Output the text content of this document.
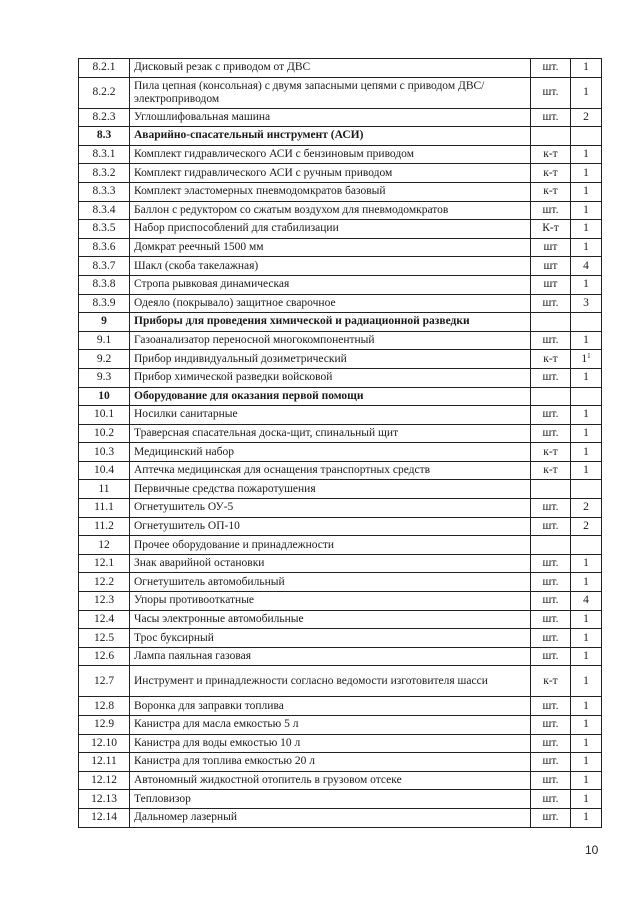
8.2.1	Дисковый резак с приводом от ДВС	шт.	1
8.2.2	Пила цепная (консольная) с двумя запасными цепями с приводом ДВС/электроприводом	шт.	1
8.2.3	Углошлифовальная машина	шт.	2
8.3	Аварийно-спасательный инструмент (АСИ)		
8.3.1	Комплект гидравлического АСИ с бензиновым приводом	к-т	1
8.3.2	Комплект гидравлического АСИ с ручным приводом	к-т	1
8.3.3	Комплект эластомерных пневмодомкратов базовый	к-т	1
8.3.4	Баллон с редуктором со сжатым воздухом для пневмодомкратов	шт.	1
8.3.5	Набор приспособлений для стабилизации	К-т	1
8.3.6	Домкрат реечный 1500 мм	шт	1
8.3.7	Шакл (скоба такелажная)	шт	4
8.3.8	Стропа рывковая динамическая	шт	1
8.3.9	Одеяло (покрывало) защитное сварочное	шт.	3
9	Приборы для проведения химической и радиационной разведки		
9.1	Газоанализатор переносной многокомпонентный	шт.	1
9.2	Прибор индивидуальный дозиметрический	к-т	$1^1$
9.3	Прибор химической разведки войсковой	шт.	1
10	Оборудование для оказания первой помощи		
10.1	Носилки санитарные	шт.	1
10.2	Траверсная спасательная доска-щит, спинальный щит	шт.	1
10.3	Медицинский набор	к-т	1
10.4	Аптечка медицинская для оснащения транспортных средств	к-т	1
11	Первичные средства пожаротушения		
11.1	Огнетушитель ОУ-5	шт.	2
11.2	Огнетушитель ОП-10	шт.	2
12	Прочее оборудование и принадлежности		
12.1	Знак аварийной остановки	шт.	1
12.2	Огнетушитель автомобильный	шт.	1
12.3	Упоры противооткатные	шт.	4
12.4	Часы электронные автомобильные	шт.	1
12.5	Трос буксирный	шт.	1
12.6	Лампа паяльная газовая	шт.	1
12.7	Инструмент и принадлежности согласно ведомости изготовителя шасси	к-т	1
12.8	Воронка для заправки топлива	шт.	1
12.9	Канистра для масла емкостью 5 л	шт.	1
12.10	Канистра для воды емкостью 10 л	шт.	1
12.11	Канистра для топлива емкостью 20 л	шт.	1
12.12	Автономный жидкостной отопитель в грузовом отсеке	шт.	1
12.13	Тепловизор	шт.	1
12.14	Дальномер лазерный	шт.	1
10
